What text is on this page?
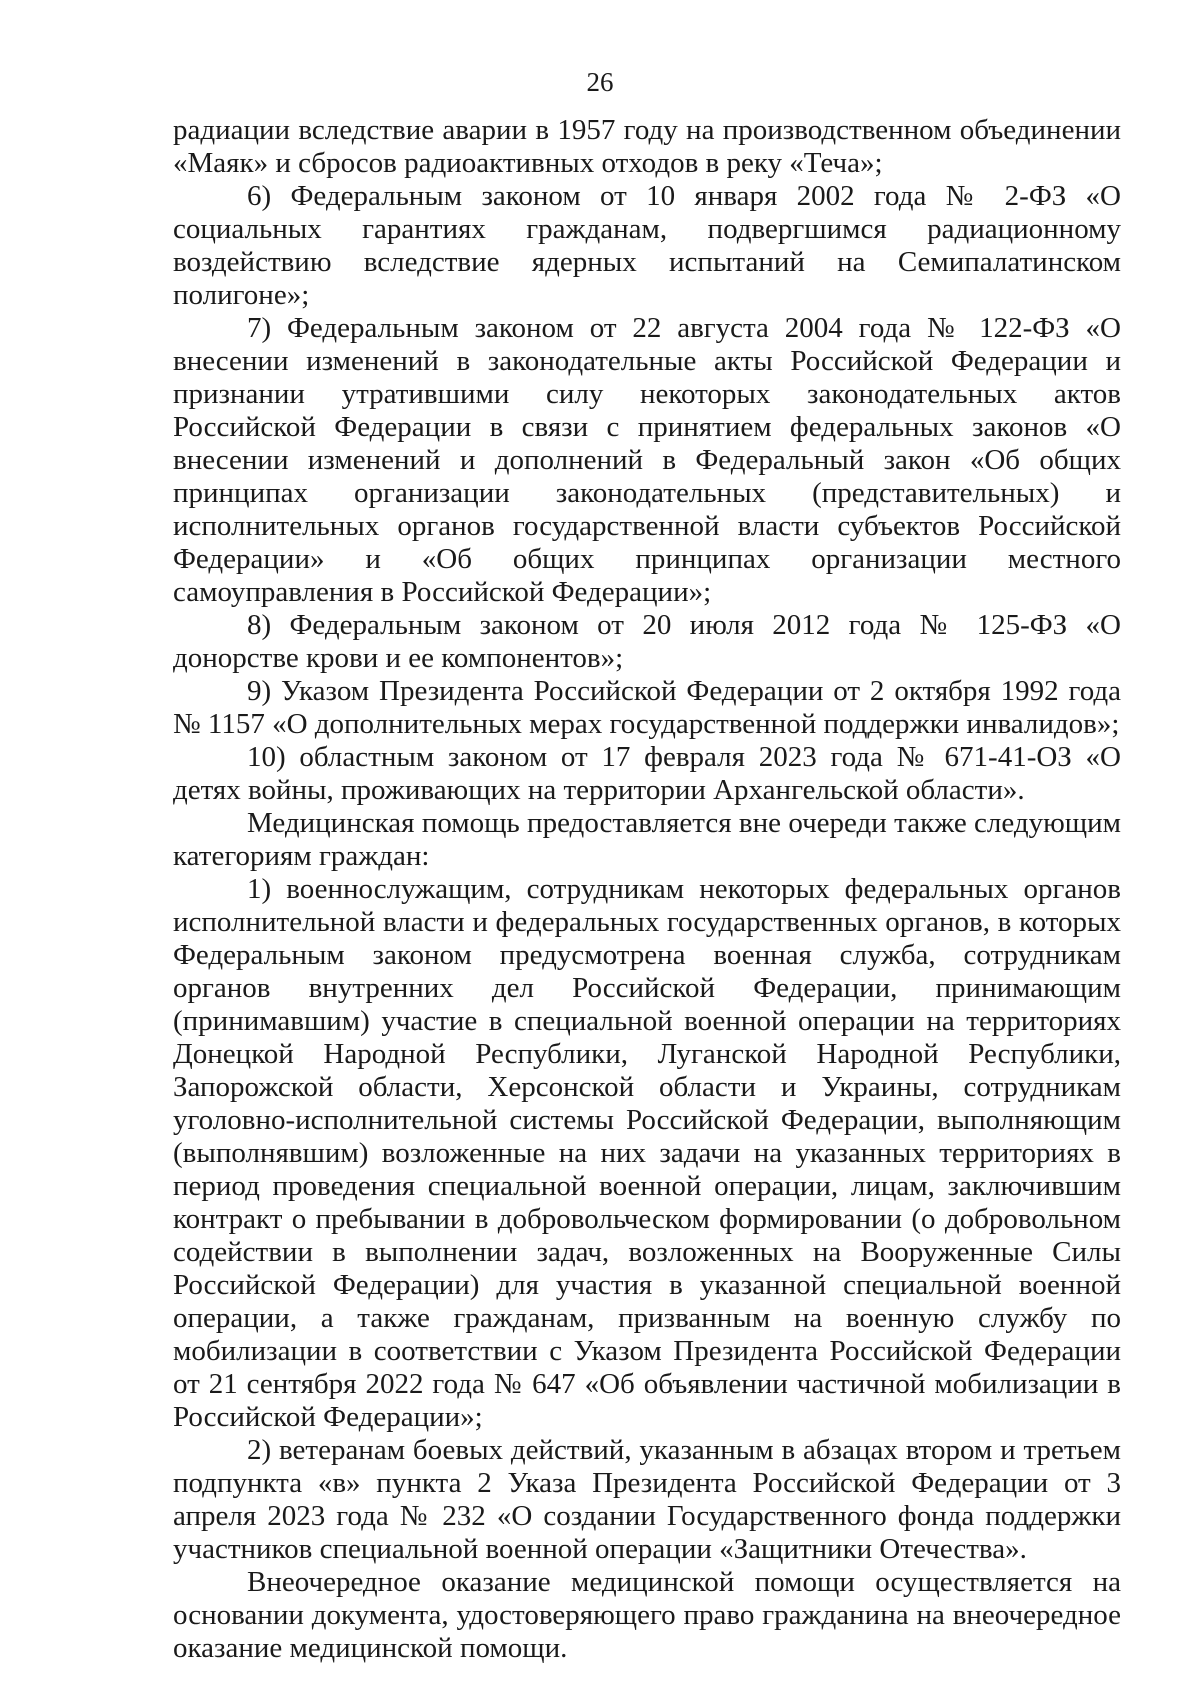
26

радиации вследствие аварии в 1957 году на производственном объединении «Маяк» и сбросов радиоактивных отходов в реку «Теча»;

6) Федеральным законом от 10 января 2002 года № 2-ФЗ «О социальных гарантиях гражданам, подвергшимся радиационному воздействию вследствие ядерных испытаний на Семипалатинском полигоне»;

7) Федеральным законом от 22 августа 2004 года № 122-ФЗ «О внесении изменений в законодательные акты Российской Федерации и признании утратившими силу некоторых законодательных актов Российской Федерации в связи с принятием федеральных законов «О внесении изменений и дополнений в Федеральный закон «Об общих принципах организации законодательных (представительных) и исполнительных органов государственной власти субъектов Российской Федерации» и «Об общих принципах организации местного самоуправления в Российской Федерации»;

8) Федеральным законом от 20 июля 2012 года № 125-ФЗ «О донорстве крови и ее компонентов»;

9) Указом Президента Российской Федерации от 2 октября 1992 года № 1157 «О дополнительных мерах государственной поддержки инвалидов»;

10) областным законом от 17 февраля 2023 года № 671-41-ОЗ «О детях войны, проживающих на территории Архангельской области».

Медицинская помощь предоставляется вне очереди также следующим категориям граждан:

1) военнослужащим, сотрудникам некоторых федеральных органов исполнительной власти и федеральных государственных органов, в которых Федеральным законом предусмотрена военная служба, сотрудникам органов внутренних дел Российской Федерации, принимающим (принимавшим) участие в специальной военной операции на территориях Донецкой Народной Республики, Луганской Народной Республики, Запорожской области, Херсонской области и Украины, сотрудникам уголовно-исполнительной системы Российской Федерации, выполняющим (выполнявшим) возложенные на них задачи на указанных территориях в период проведения специальной военной операции, лицам, заключившим контракт о пребывании в добровольческом формировании (о добровольном содействии в выполнении задач, возложенных на Вооруженные Силы Российской Федерации) для участия в указанной специальной военной операции, а также гражданам, призванным на военную службу по мобилизации в соответствии с Указом Президента Российской Федерации от 21 сентября 2022 года № 647 «Об объявлении частичной мобилизации в Российской Федерации»;

2) ветеранам боевых действий, указанным в абзацах втором и третьем подпункта «в» пункта 2 Указа Президента Российской Федерации от 3 апреля 2023 года № 232 «О создании Государственного фонда поддержки участников специальной военной операции «Защитники Отечества».

Внеочередное оказание медицинской помощи осуществляется на основании документа, удостоверяющего право гражданина на внеочередное оказание медицинской помощи.
